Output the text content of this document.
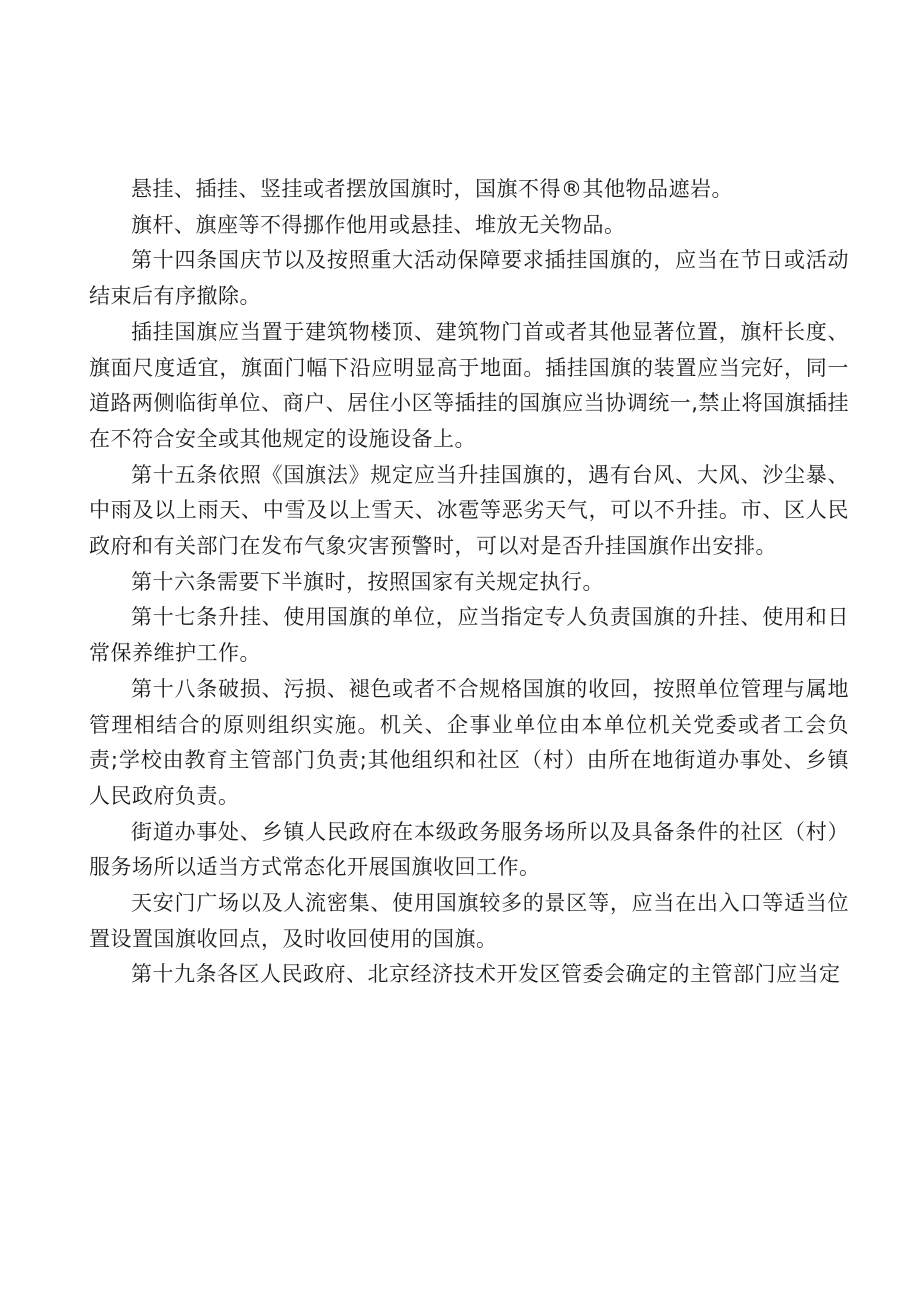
悬挂、插挂、竖挂或者摆放国旗时，国旗不得®其他物品遮岩。

旗杆、旗座等不得挪作他用或悬挂、堆放无关物品。

第十四条国庆节以及按照重大活动保障要求插挂国旗的，应当在节日或活动结束后有序撤除。

插挂国旗应当置于建筑物楼顶、建筑物门首或者其他显著位置，旗杆长度、旗面尺度适宜，旗面门幅下沿应明显高于地面。插挂国旗的装置应当完好，同一道路两侧临街单位、商户、居住小区等插挂的国旗应当协调统一,禁止将国旗插挂在不符合安全或其他规定的设施设备上。

第十五条依照《国旗法》规定应当升挂国旗的，遇有台风、大风、沙尘暴、中雨及以上雨天、中雪及以上雪天、冰雹等恶劣天气，可以不升挂。市、区人民政府和有关部门在发布气象灾害预警时，可以对是否升挂国旗作出安排。

第十六条需要下半旗时，按照国家有关规定执行。

第十七条升挂、使用国旗的单位，应当指定专人负责国旗的升挂、使用和日常保养维护工作。

第十八条破损、污损、褪色或者不合规格国旗的收回，按照单位管理与属地管理相结合的原则组织实施。机关、企事业单位由本单位机关党委或者工会负责;学校由教育主管部门负责;其他组织和社区（村）由所在地街道办事处、乡镇人民政府负责。

街道办事处、乡镇人民政府在本级政务服务场所以及具备条件的社区（村）服务场所以适当方式常态化开展国旗收回工作。

天安门广场以及人流密集、使用国旗较多的景区等，应当在出入口等适当位置设置国旗收回点，及时收回使用的国旗。

第十九条各区人民政府、北京经济技术开发区管委会确定的主管部门应当定
